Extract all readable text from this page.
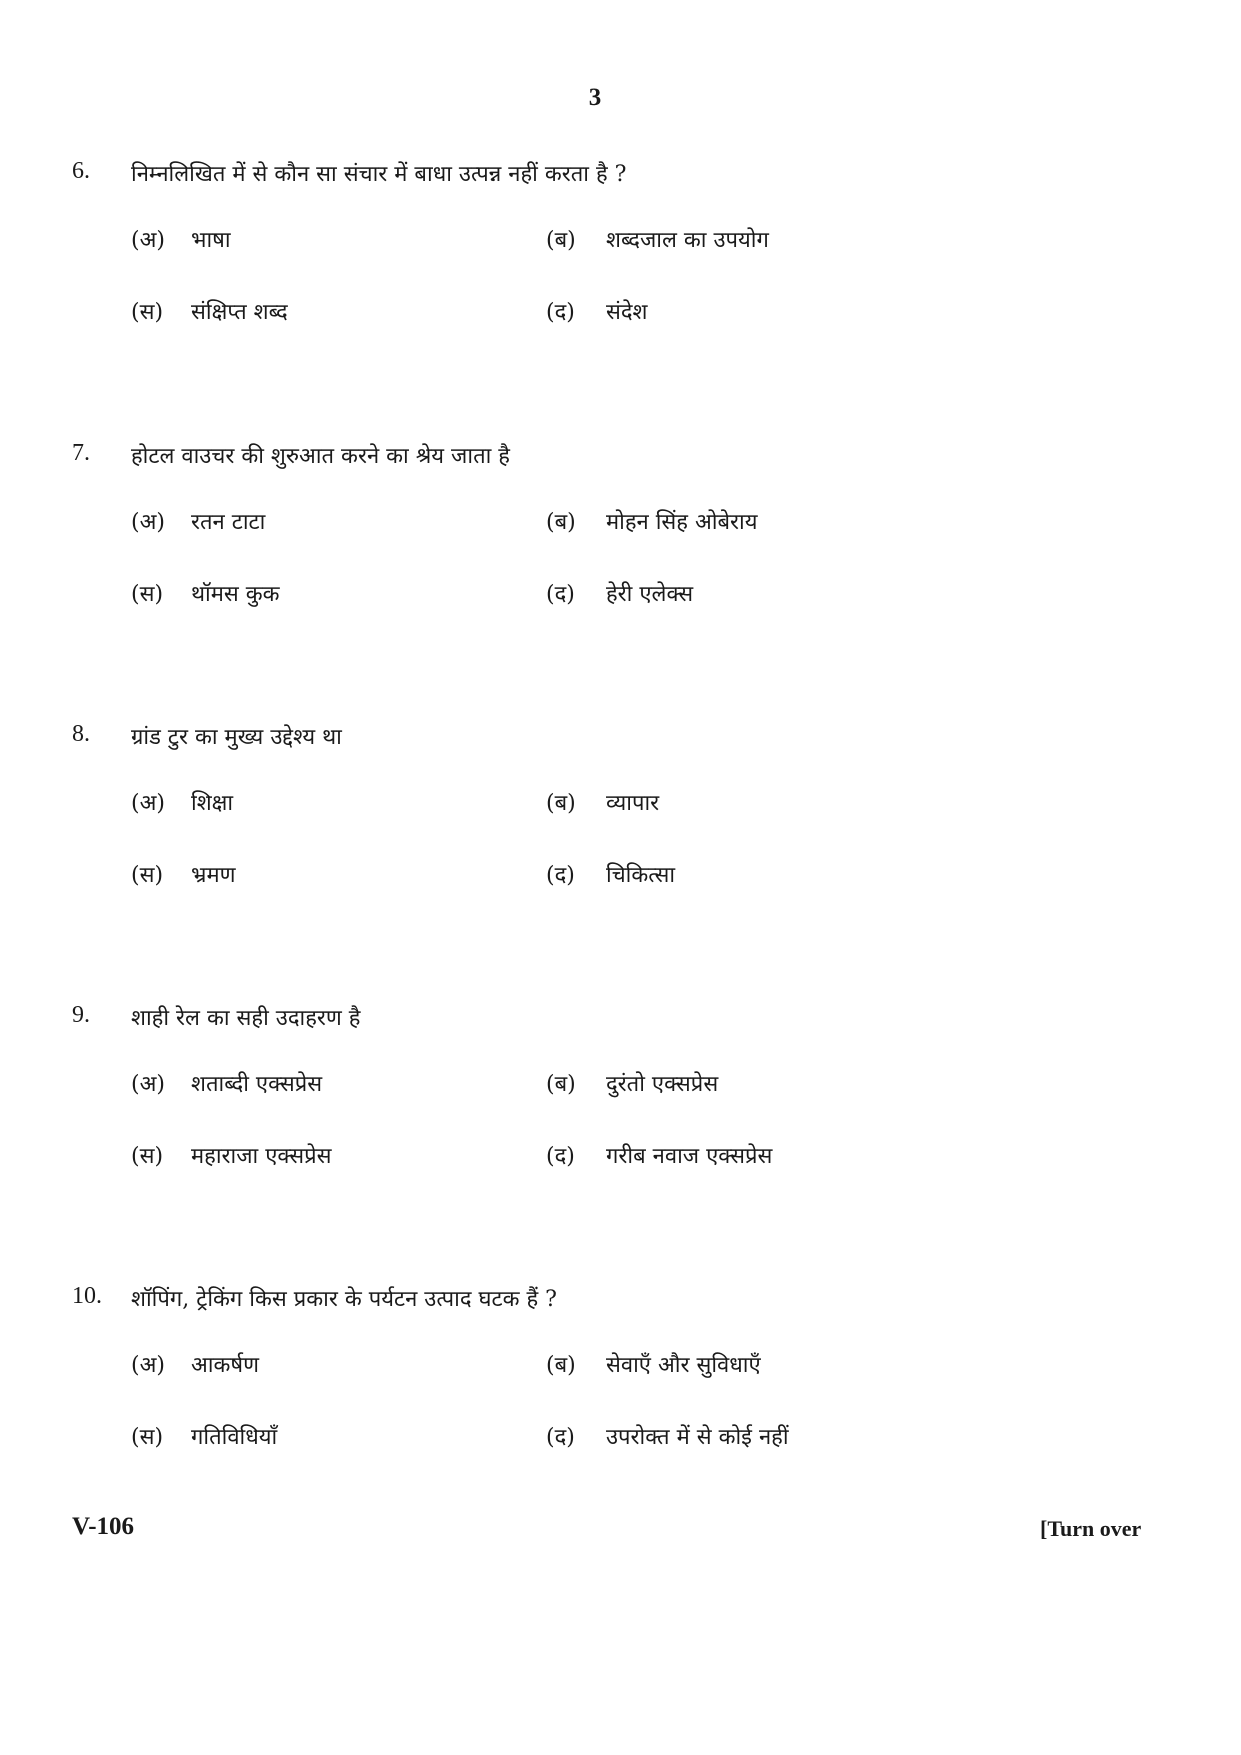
3
6. निम्नलिखित में से कौन सा संचार में बाधा उत्पन्न नहीं करता है ?
(अ) भाषा	(ब) शब्दजाल का उपयोग
(स) संक्षिप्त शब्द	(द) संदेश
7. होटल वाउचर की शुरुआत करने का श्रेय जाता है
(अ) रतन टाटा	(ब) मोहन सिंह ओबेराय
(स) थॉमस कुक	(द) हेरी एलेक्स
8. ग्रांड टुर का मुख्य उद्देश्य था
(अ) शिक्षा	(ब) व्यापार
(स) भ्रमण	(द) चिकित्सा
9. शाही रेल का सही उदाहरण है
(अ) शताब्दी एक्सप्रेस	(ब) दुरंतो एक्सप्रेस
(स) महाराजा एक्सप्रेस	(द) गरीब नवाज एक्सप्रेस
10. शॉपिंग, ट्रेकिंग किस प्रकार के पर्यटन उत्पाद घटक हैं ?
(अ) आकर्षण	(ब) सेवाएँ और सुविधाएँ
(स) गतिविधियाँ	(द) उपरोक्त में से कोई नहीं
V-106	[Turn over
